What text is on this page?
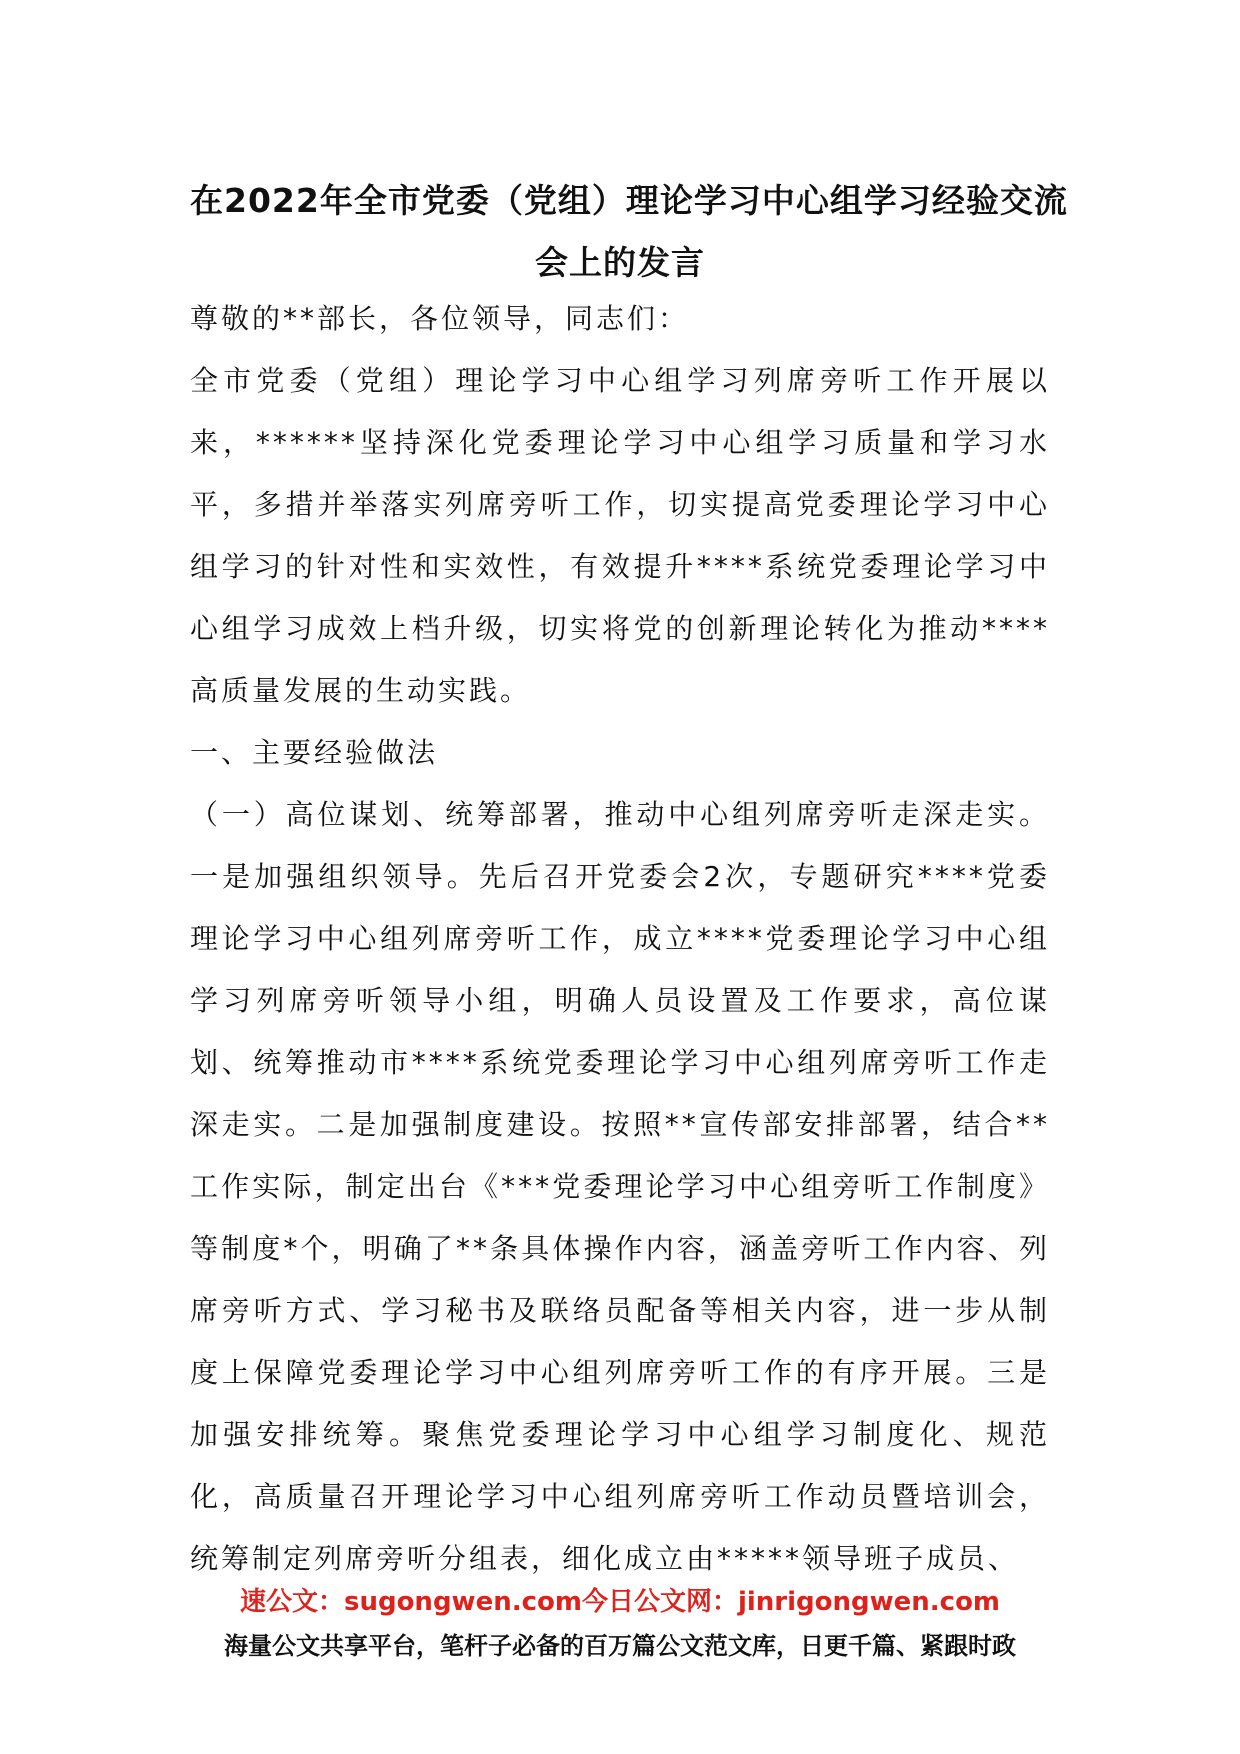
在2022年全市党委（党组）理论学习中心组学习经验交流
会上的发言

尊敬的**部长，各位领导，同志们：

全市党委（党组）理论学习中心组学习列席旁听工作开展以来，******坚持深化党委理论学习中心组学习质量和学习水平，多措并举落实列席旁听工作，切实提高党委理论学习中心组学习的针对性和实效性，有效提升****系统党委理论学习中心组学习成效上档升级，切实将党的创新理论转化为推动****高质量发展的生动实践。

一、主要经验做法

（一）高位谋划、统筹部署，推动中心组列席旁听走深走实。一是加强组织领导。先后召开党委会2次，专题研究****党委理论学习中心组列席旁听工作，成立****党委理论学习中心组学习列席旁听领导小组，明确人员设置及工作要求，高位谋划、统筹推动市****系统党委理论学习中心组列席旁听工作走深走实。二是加强制度建设。按照**宣传部安排部署，结合**工作实际，制定出台《***党委理论学习中心组旁听工作制度》等制度*个，明确了**条具体操作内容，涵盖旁听工作内容、列席旁听方式、学习秘书及联络员配备等相关内容，进一步从制度上保障党委理论学习中心组列席旁听工作的有序开展。三是加强安排统筹。聚焦党委理论学习中心组学习制度化、规范化，高质量召开理论学习中心组列席旁听工作动员暨培训会，统筹制定列席旁听分组表，细化成立由*****领导班子成员、

速公文：sugongwen.com今日公文网：jinrigongwen.com
海量公文共享平台，笔杆子必备的百万篇公文范文库，日更千篇、紧跟时政
